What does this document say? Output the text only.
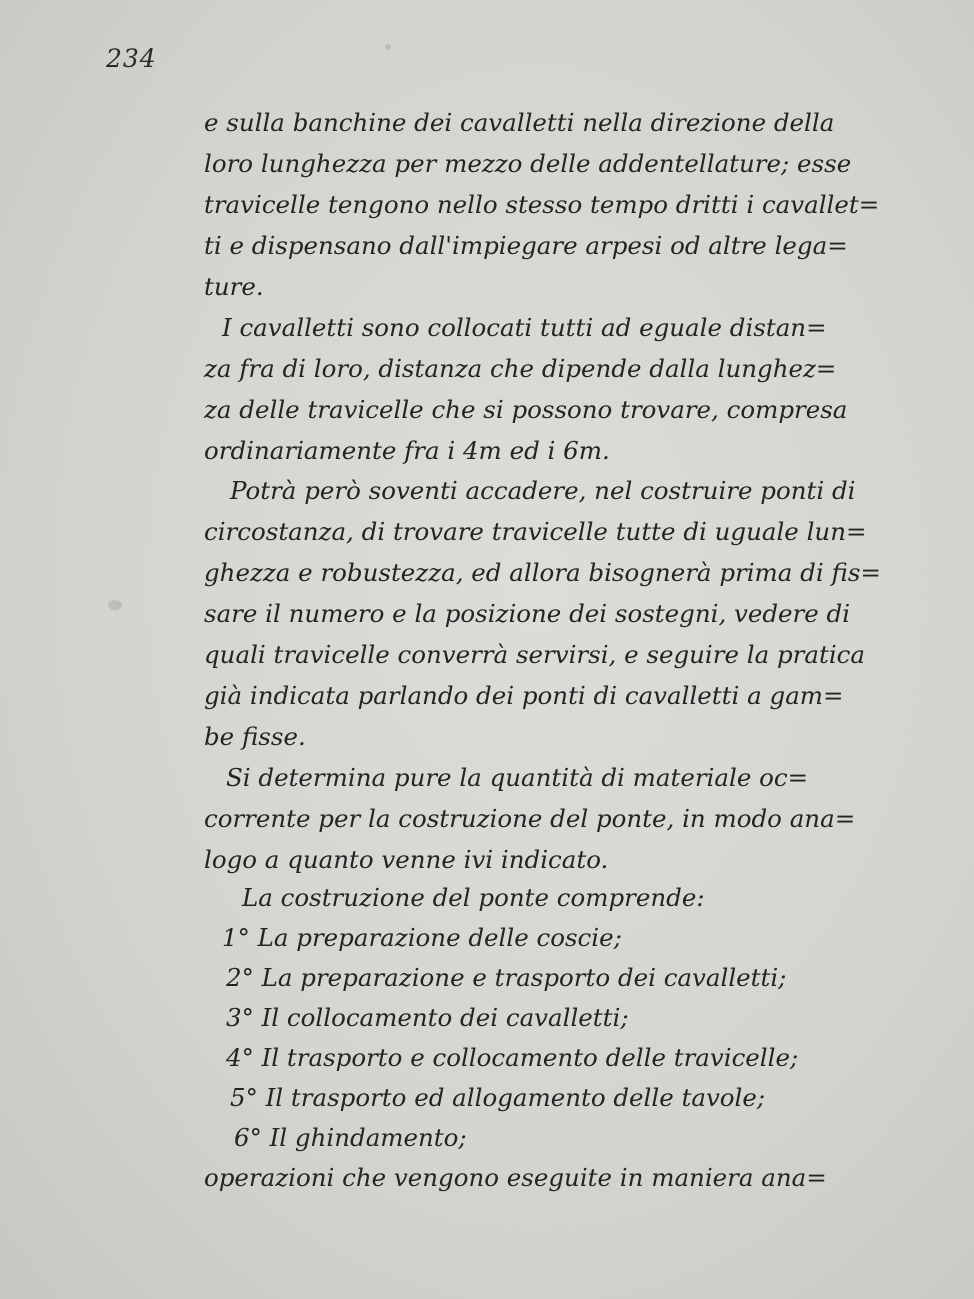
234
e sulla banchine dei cavalletti nella direzione della
loro lunghezza per mezzo delle addentellature; esse
travicelle tengono nello stesso tempo dritti i cavallet=
ti e dispensano dall'impiegare arpesi od altre lega=
ture.
I cavalletti sono collocati tutti ad eguale distan=
za fra di loro, distanza che dipende dalla lunghez=
za delle travicelle che si possono trovare, compresa
ordinariamente fra i 4m ed i 6m.
Potrà però soventi accadere, nel costruire ponti di
circostanza, di trovare travicelle tutte di uguale lun=
ghezza e robustezza, ed allora bisognerà prima di fis=
sare il numero e la posizione dei sostegni, vedere di
quali travicelle converrà servirsi, e seguire la pratica
già indicata parlando dei ponti di cavalletti a gam=
be fisse.
Si determina pure la quantità di materiale oc=
corrente per la costruzione del ponte, in modo ana=
logo a quanto venne ivi indicato.
La costruzione del ponte comprende:
1° La preparazione delle coscie;
2° La preparazione e trasporto dei cavalletti;
3° Il collocamento dei cavalletti;
4° Il trasporto e collocamento delle travicelle;
5° Il trasporto ed allogamento delle tavole;
6° Il ghindamento;
operazioni che vengono eseguite in maniera ana=
